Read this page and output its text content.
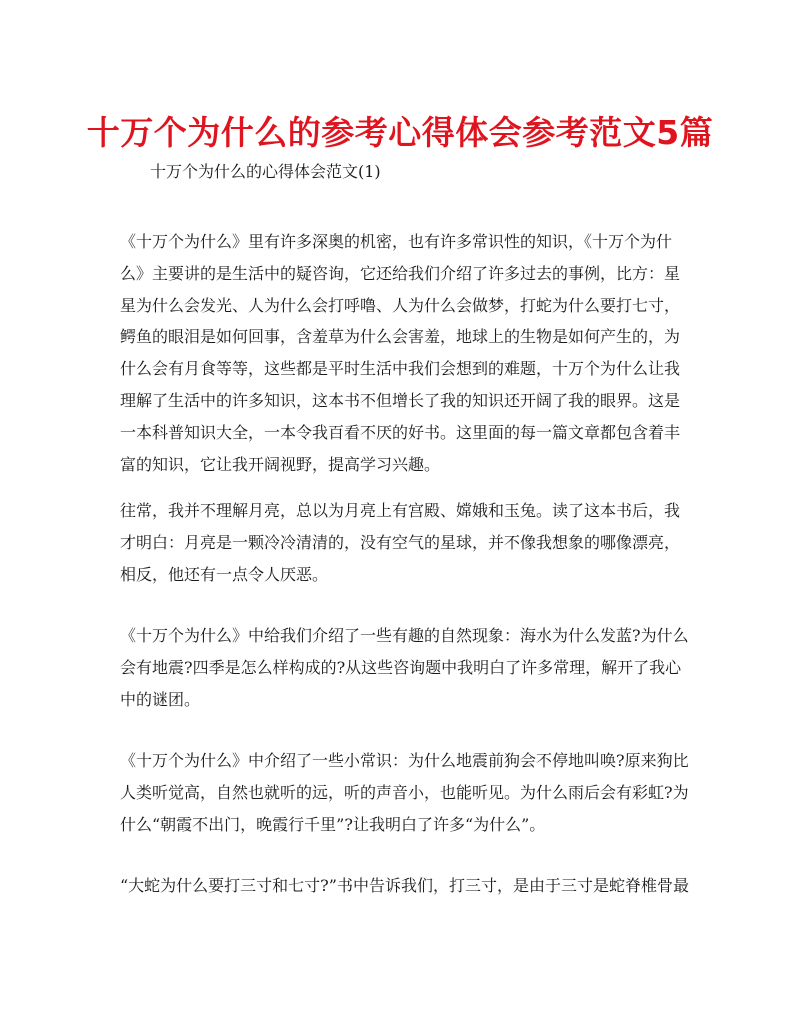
十万个为什么的参考心得体会参考范文5篇

十万个为什么的心得体会范文(1)

《十万个为什么》里有许多深奥的机密，也有许多常识性的知识，《十万个为什
么》主要讲的是生活中的疑咨询，它还给我们介绍了许多过去的事例，比方：星
星为什么会发光、人为什么会打呼噜、人为什么会做梦，打蛇为什么要打七寸，
鳄鱼的眼泪是如何回事，含羞草为什么会害羞，地球上的生物是如何产生的，为
什么会有月食等等，这些都是平时生活中我们会想到的难题，十万个为什么让我
理解了生活中的许多知识，这本书不但增长了我的知识还开阔了我的眼界。这是
一本科普知识大全，一本令我百看不厌的好书。这里面的每一篇文章都包含着丰
富的知识，它让我开阔视野，提高学习兴趣。
往常，我并不理解月亮，总以为月亮上有宫殿、嫦娥和玉兔。读了这本书后，我
才明白：月亮是一颗冷冷清清的，没有空气的星球，并不像我想象的哪像漂亮，
相反，他还有一点令人厌恶。
《十万个为什么》中给我们介绍了一些有趣的自然现象：海水为什么发蓝?为什么
会有地震?四季是怎么样构成的?从这些咨询题中我明白了许多常理，解开了我心
中的谜团。
《十万个为什么》中介绍了一些小常识：为什么地震前狗会不停地叫唤?原来狗比
人类听觉高，自然也就听的远，听的声音小，也能听见。为什么雨后会有彩虹?为
什么“朝霞不出门，晚霞行千里”?让我明白了许多“为什么”。
“大蛇为什么要打三寸和七寸?”书中告诉我们，打三寸，是由于三寸是蛇脊椎骨最
